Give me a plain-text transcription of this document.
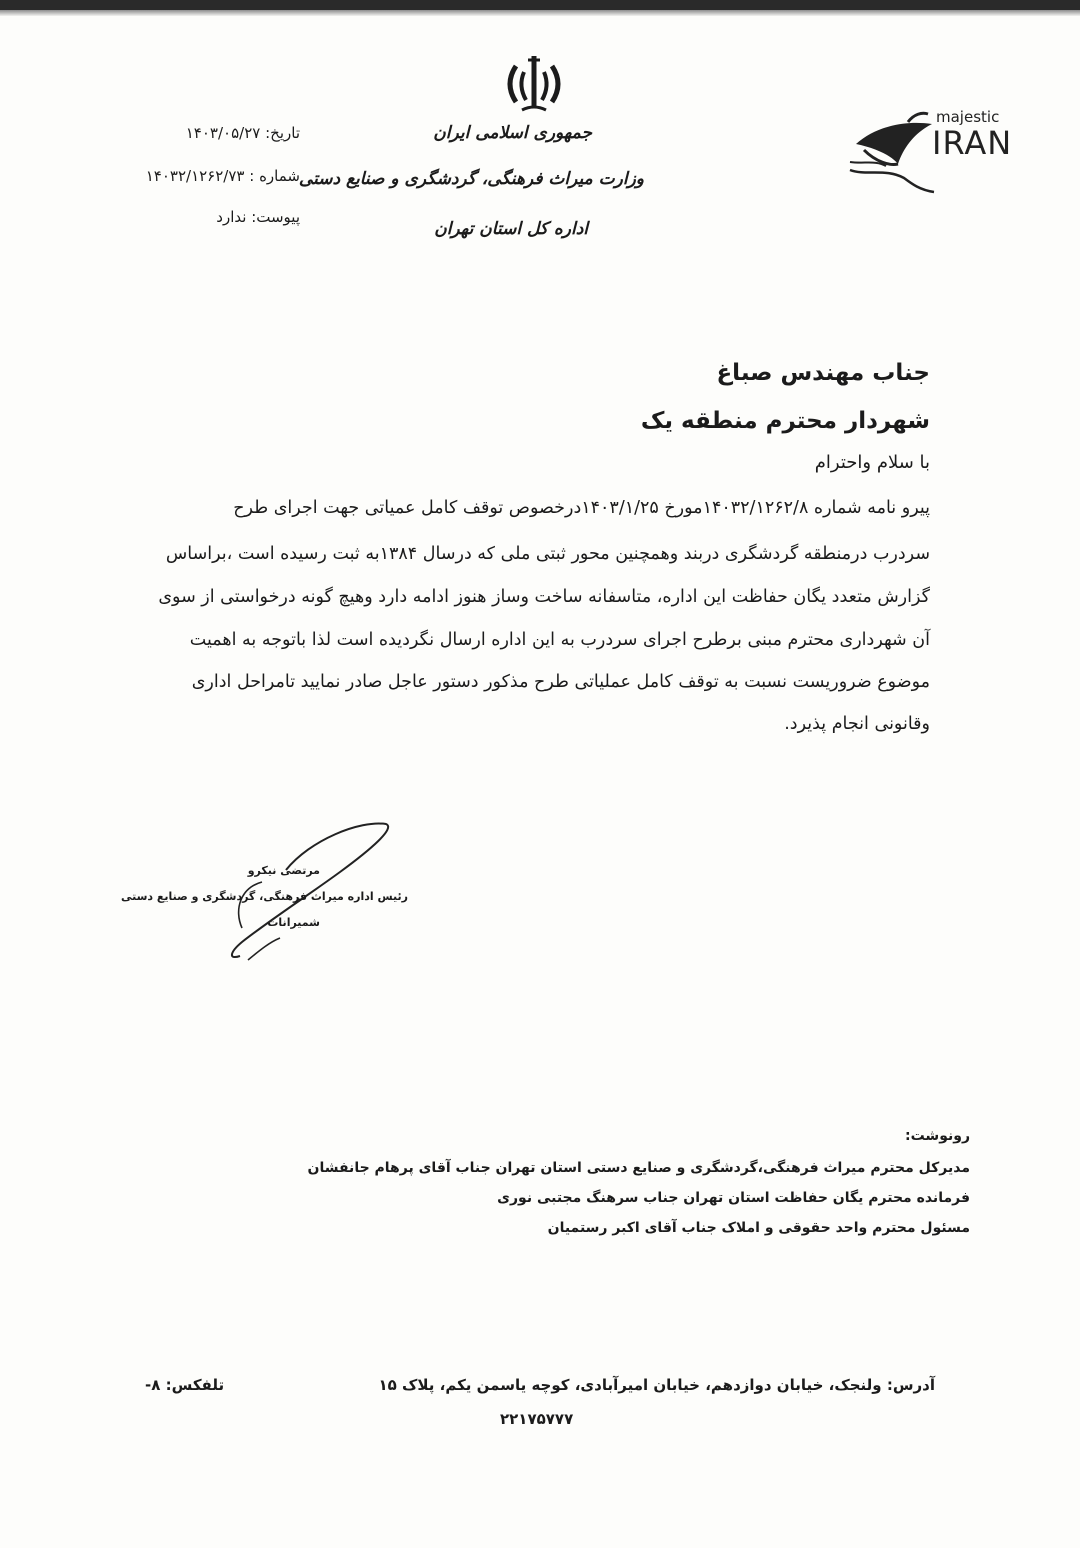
جمهوری اسلامی ایران
وزارت میراث فرهنگی، گردشگری و صنایع دستی
اداره کل استان تهران
majestic
IRAN
تاریخ: ۱۴۰۳/۰۵/۲۷
شماره : ۱۴۰۳۲/۱۲۶۲/۷۳
پیوست: ندارد
جناب مهندس صباغ
شهردار محترم منطقه یک
با سلام واحترام
پیرو نامه شماره ۱۴۰۳۲/۱۲۶۲/۸مورخ ۱۴۰۳/۱/۲۵درخصوص توقف کامل عمیاتی جهت اجرای طرح
سردرب درمنطقه گردشگری دربند وهمچنین محور ثبتی ملی که درسال ۱۳۸۴به ثبت رسیده است ،براساس
گزارش متعدد یگان حفاظت این اداره، متاسفانه ساخت وساز هنوز ادامه دارد وهیچ گونه درخواستی از سوی
آن شهرداری محترم مبنی برطرح اجرای سردرب به این اداره ارسال نگردیده است لذا باتوجه به اهمیت
موضوع ضروریست نسبت به توقف کامل عملیاتی طرح مذکور دستور عاجل صادر نمایید تامراحل اداری
وقانونی انجام پذیرد.
مرتضی نیکرو
رئیس اداره میراث فرهنگی، گردشگری و صنایع دستی
شمیرانات
رونوشت:
مدیرکل محترم میراث فرهنگی،گردشگری و صنایع دستی استان تهران جناب آقای پرهام جانفشان
فرمانده محترم یگان حفاظت استان تهران جناب سرهنگ مجتبی نوری
مسئول محترم واحد حقوقی و املاک جناب آقای اکبر رستمیان
آدرس: ولنجک، خیابان دوازدهم، خیابان امیرآبادی، کوچه یاسمن یکم، پلاک ۱۵
۲۲۱۷۵۷۷۷
تلفکس: ۸-
